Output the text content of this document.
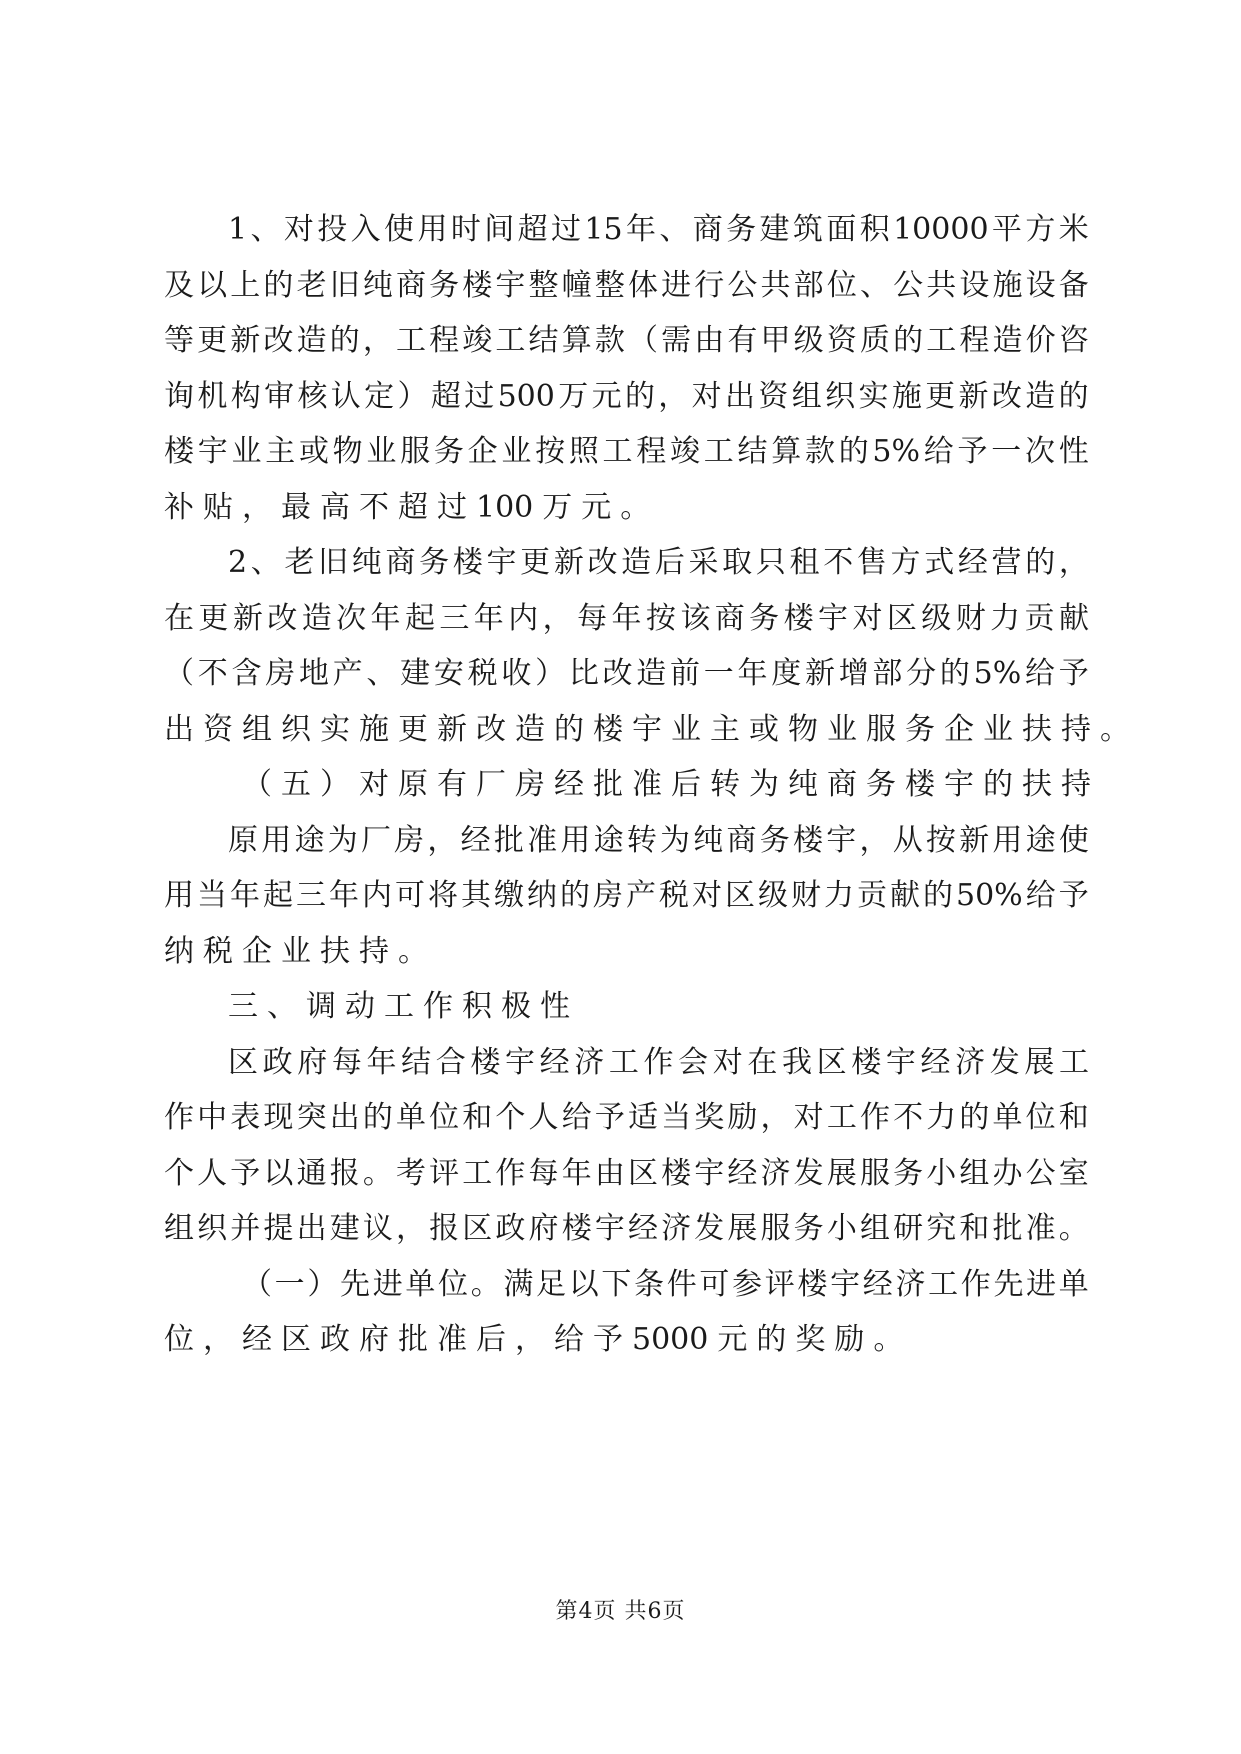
1 、 对 投 入 使 用 时 间 超 过 15 年 、 商 务 建 筑 面 积 10000 平 方 米
及 以 上 的 老 旧 纯 商 务 楼 宇 整 幢 整 体 进 行 公 共 部 位 、 公 共 设 施 设 备
等 更 新 改 造 的 ， 工 程 竣 工 结 算 款 （ 需 由 有 甲 级 资 质 的 工 程 造 价 咨
询 机 构 审 核 认 定 ） 超 过 500 万 元 的 ， 对 出 资 组 织 实 施 更 新 改 造 的
楼 宇 业 主 或 物 业 服 务 企 业 按 照 工 程 竣 工 结 算 款 的 5% 给 予 一 次 性
补 贴 ， 最 高 不 超 过 100 万 元 。
2 、 老 旧 纯 商 务 楼 宇 更 新 改 造 后 采 取 只 租 不 售 方 式 经 营 的 ，
在 更 新 改 造 次 年 起 三 年 内 ， 每 年 按 该 商 务 楼 宇 对 区 级 财 力 贡 献
（ 不 含 房 地 产 、 建 安 税 收 ） 比 改 造 前 一 年 度 新 增 部 分 的 5% 给 予
出 资 组 织 实 施 更 新 改 造 的 楼 宇 业 主 或 物 业 服 务 企 业 扶 持 。
（ 五 ） 对 原 有 厂 房 经 批 准 后 转 为 纯 商 务 楼 宇 的 扶 持
原 用 途 为 厂 房 ， 经 批 准 用 途 转 为 纯 商 务 楼 宇 ， 从 按 新 用 途 使
用 当 年 起 三 年 内 可 将 其 缴 纳 的 房 产 税 对 区 级 财 力 贡 献 的 50% 给 予
纳 税 企 业 扶 持 。
三 、 调 动 工 作 积 极 性
区 政 府 每 年 结 合 楼 宇 经 济 工 作 会 对 在 我 区 楼 宇 经 济 发 展 工
作 中 表 现 突 出 的 单 位 和 个 人 给 予 适 当 奖 励 ， 对 工 作 不 力 的 单 位 和
个 人 予 以 通 报 。 考 评 工 作 每 年 由 区 楼 宇 经 济 发 展 服 务 小 组 办 公 室
组 织 并 提 出 建 议 ， 报 区 政 府 楼 宇 经 济 发 展 服 务 小 组 研 究 和 批 准 。
（ 一 ） 先 进 单 位 。 满 足 以 下 条 件 可 参 评 楼 宇 经 济 工 作 先 进 单
位 ， 经 区 政 府 批 准 后 ， 给 予 5000 元 的 奖 励 。
第4页 共6页
